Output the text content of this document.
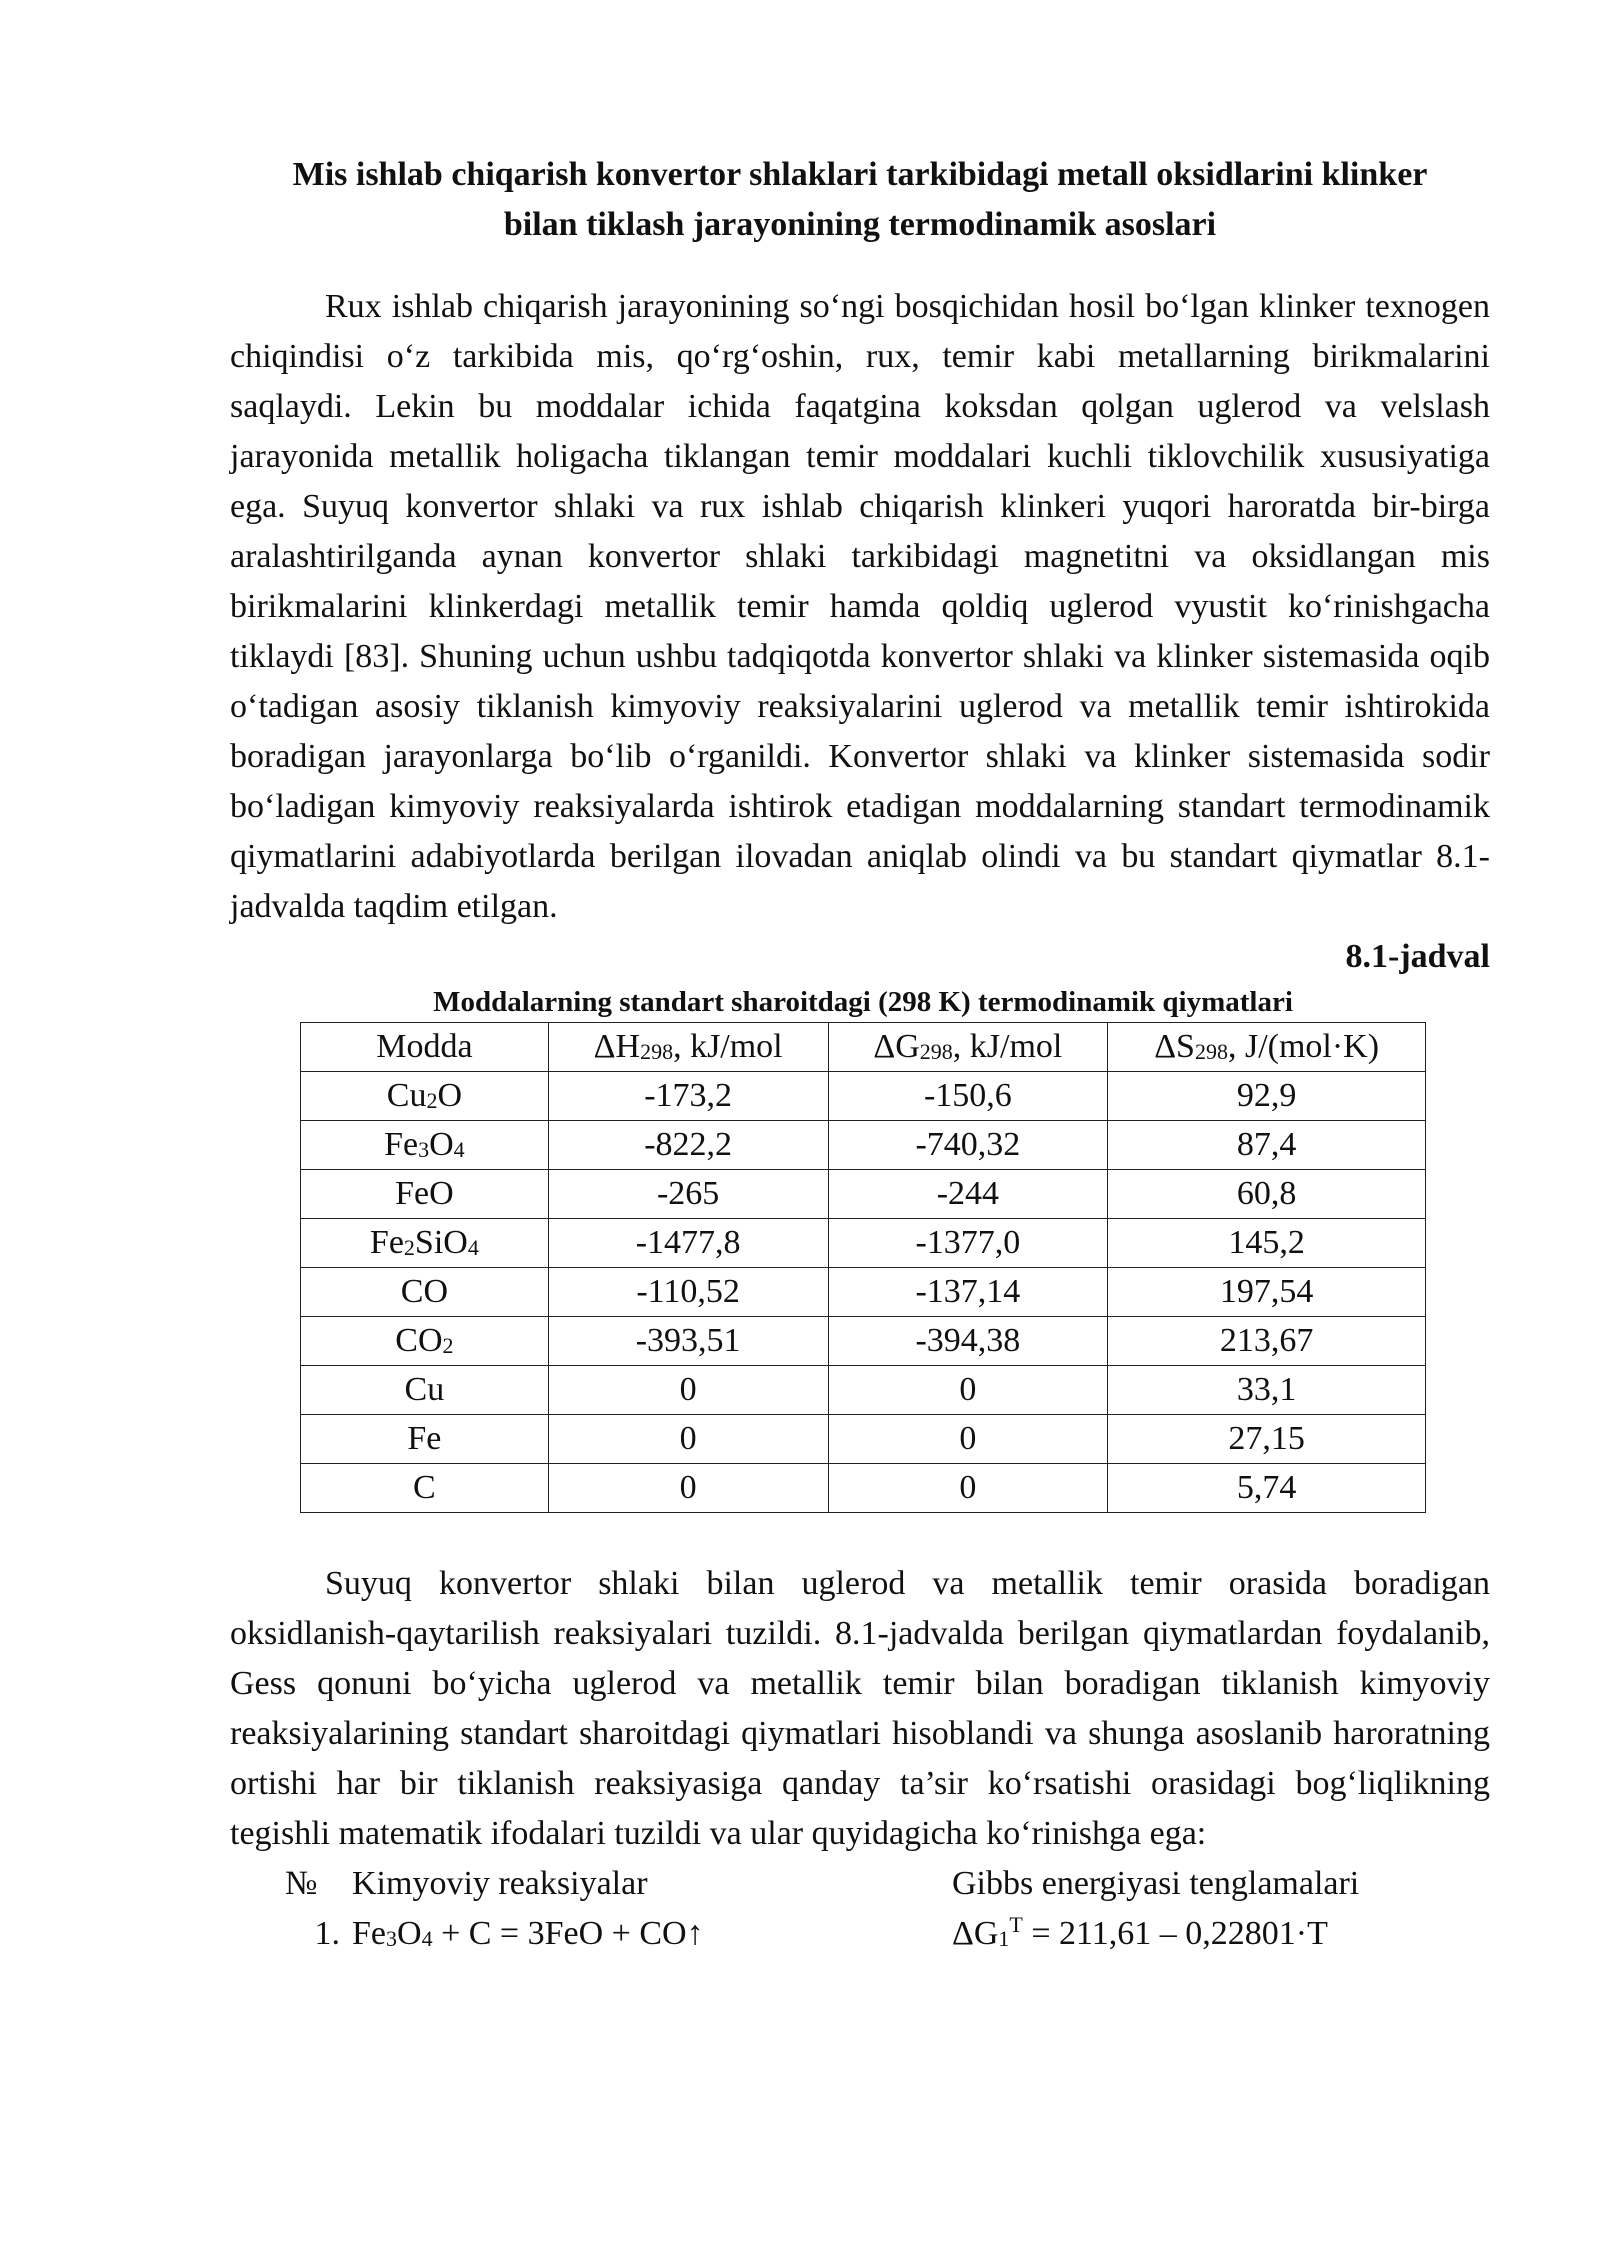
Mis ishlab chiqarish konvertor shlaklari tarkibidagi metall oksidlarini klinker
bilan tiklash jarayonining termodinamik asoslari

Rux ishlab chiqarish jarayonining so‘ngi bosqichidan hosil bo‘lgan klinker texnogen chiqindisi o‘z tarkibida mis, qo‘rg‘oshin, rux, temir kabi metallarning birikmalarini saqlaydi. Lekin bu moddalar ichida faqatgina koksdan qolgan uglerod va velslash jarayonida metallik holigacha tiklangan temir moddalari kuchli tiklovchilik xususiyatiga ega. Suyuq konvertor shlaki va rux ishlab chiqarish klinkeri yuqori haroratda bir-birga aralashtirilganda aynan konvertor shlaki tarkibidagi magnetitni va oksidlangan mis birikmalarini klinkerdagi metallik temir hamda qoldiq uglerod vyustit ko‘rinishgacha tiklaydi [83]. Shuning uchun ushbu tadqiqotda konvertor shlaki va klinker sistemasida oqib o‘tadigan asosiy tiklanish kimyoviy reaksiyalarini uglerod va metallik temir ishtirokida boradigan jarayonlarga bo‘lib o‘rganildi. Konvertor shlaki va klinker sistemasida sodir bo‘ladigan kimyoviy reaksiyalarda ishtirok etadigan moddalarning standart termodinamik qiymatlarini adabiyotlarda berilgan ilovadan aniqlab olindi va bu standart qiymatlar 8.1-jadvalda taqdim etilgan.

8.1-jadval

Moddalarning standart sharoitdagi (298 K) termodinamik qiymatlari

Modda	$\Delta H_{298}$, kJ/mol	$\Delta G_{298}$, kJ/mol	$\Delta S_{298}$, J/(mol·K)
$Cu_2O$	-173,2	-150,6	92,9
$Fe_3O_4$	-822,2	-740,32	87,4
FeO	-265	-244	60,8
$Fe_2SiO_4$	-1477,8	-1377,0	145,2
CO	-110,52	-137,14	197,54
$CO_2$	-393,51	-394,38	213,67
Cu	0	0	33,1
Fe	0	0	27,15
C	0	0	5,74

Suyuq konvertor shlaki bilan uglerod va metallik temir orasida boradigan oksidlanish-qaytarilish reaksiyalari tuzildi. 8.1-jadvalda berilgan qiymatlardan foydalanib, Gess qonuni bo‘yicha uglerod va metallik temir bilan boradigan tiklanish kimyoviy reaksiyalarining standart sharoitdagi qiymatlari hisoblandi va shunga asoslanib haroratning ortishi har bir tiklanish reaksiyasiga qanday ta’sir ko‘rsatishi orasidagi bog‘liqlikning tegishli matematik ifodalari tuzildi va ular quyidagicha ko‘rinishga ega:

№	Kimyoviy reaksiyalar	Gibbs energiyasi tenglamalari
1. $Fe_3O_4 + C = 3FeO$ + CO↑	$\Delta G_1^T = 211,61 - 0,22801\cdot T$
